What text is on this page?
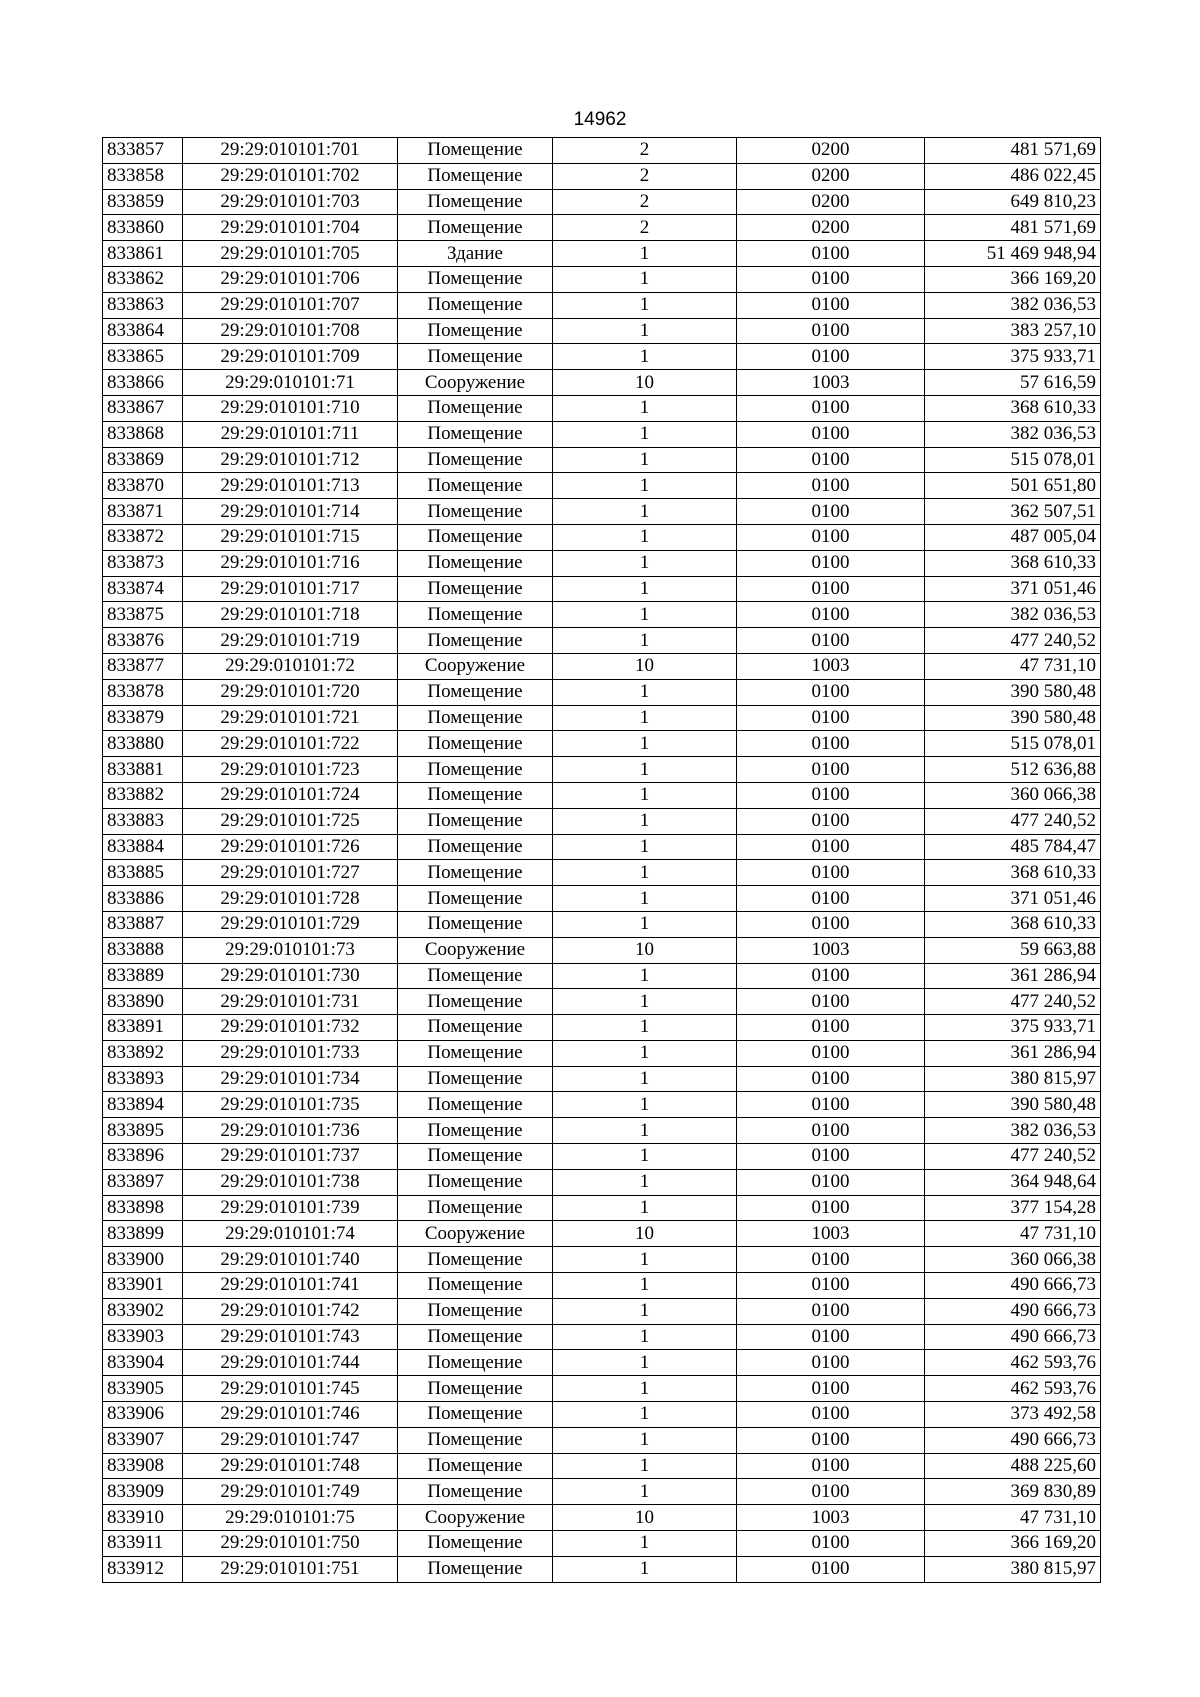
14962
833857	29:29:010101:701	Помещение	2	0200	481 571,69
833858	29:29:010101:702	Помещение	2	0200	486 022,45
833859	29:29:010101:703	Помещение	2	0200	649 810,23
833860	29:29:010101:704	Помещение	2	0200	481 571,69
833861	29:29:010101:705	Здание	1	0100	51 469 948,94
833862	29:29:010101:706	Помещение	1	0100	366 169,20
833863	29:29:010101:707	Помещение	1	0100	382 036,53
833864	29:29:010101:708	Помещение	1	0100	383 257,10
833865	29:29:010101:709	Помещение	1	0100	375 933,71
833866	29:29:010101:71	Сооружение	10	1003	57 616,59
833867	29:29:010101:710	Помещение	1	0100	368 610,33
833868	29:29:010101:711	Помещение	1	0100	382 036,53
833869	29:29:010101:712	Помещение	1	0100	515 078,01
833870	29:29:010101:713	Помещение	1	0100	501 651,80
833871	29:29:010101:714	Помещение	1	0100	362 507,51
833872	29:29:010101:715	Помещение	1	0100	487 005,04
833873	29:29:010101:716	Помещение	1	0100	368 610,33
833874	29:29:010101:717	Помещение	1	0100	371 051,46
833875	29:29:010101:718	Помещение	1	0100	382 036,53
833876	29:29:010101:719	Помещение	1	0100	477 240,52
833877	29:29:010101:72	Сооружение	10	1003	47 731,10
833878	29:29:010101:720	Помещение	1	0100	390 580,48
833879	29:29:010101:721	Помещение	1	0100	390 580,48
833880	29:29:010101:722	Помещение	1	0100	515 078,01
833881	29:29:010101:723	Помещение	1	0100	512 636,88
833882	29:29:010101:724	Помещение	1	0100	360 066,38
833883	29:29:010101:725	Помещение	1	0100	477 240,52
833884	29:29:010101:726	Помещение	1	0100	485 784,47
833885	29:29:010101:727	Помещение	1	0100	368 610,33
833886	29:29:010101:728	Помещение	1	0100	371 051,46
833887	29:29:010101:729	Помещение	1	0100	368 610,33
833888	29:29:010101:73	Сооружение	10	1003	59 663,88
833889	29:29:010101:730	Помещение	1	0100	361 286,94
833890	29:29:010101:731	Помещение	1	0100	477 240,52
833891	29:29:010101:732	Помещение	1	0100	375 933,71
833892	29:29:010101:733	Помещение	1	0100	361 286,94
833893	29:29:010101:734	Помещение	1	0100	380 815,97
833894	29:29:010101:735	Помещение	1	0100	390 580,48
833895	29:29:010101:736	Помещение	1	0100	382 036,53
833896	29:29:010101:737	Помещение	1	0100	477 240,52
833897	29:29:010101:738	Помещение	1	0100	364 948,64
833898	29:29:010101:739	Помещение	1	0100	377 154,28
833899	29:29:010101:74	Сооружение	10	1003	47 731,10
833900	29:29:010101:740	Помещение	1	0100	360 066,38
833901	29:29:010101:741	Помещение	1	0100	490 666,73
833902	29:29:010101:742	Помещение	1	0100	490 666,73
833903	29:29:010101:743	Помещение	1	0100	490 666,73
833904	29:29:010101:744	Помещение	1	0100	462 593,76
833905	29:29:010101:745	Помещение	1	0100	462 593,76
833906	29:29:010101:746	Помещение	1	0100	373 492,58
833907	29:29:010101:747	Помещение	1	0100	490 666,73
833908	29:29:010101:748	Помещение	1	0100	488 225,60
833909	29:29:010101:749	Помещение	1	0100	369 830,89
833910	29:29:010101:75	Сооружение	10	1003	47 731,10
833911	29:29:010101:750	Помещение	1	0100	366 169,20
833912	29:29:010101:751	Помещение	1	0100	380 815,97
